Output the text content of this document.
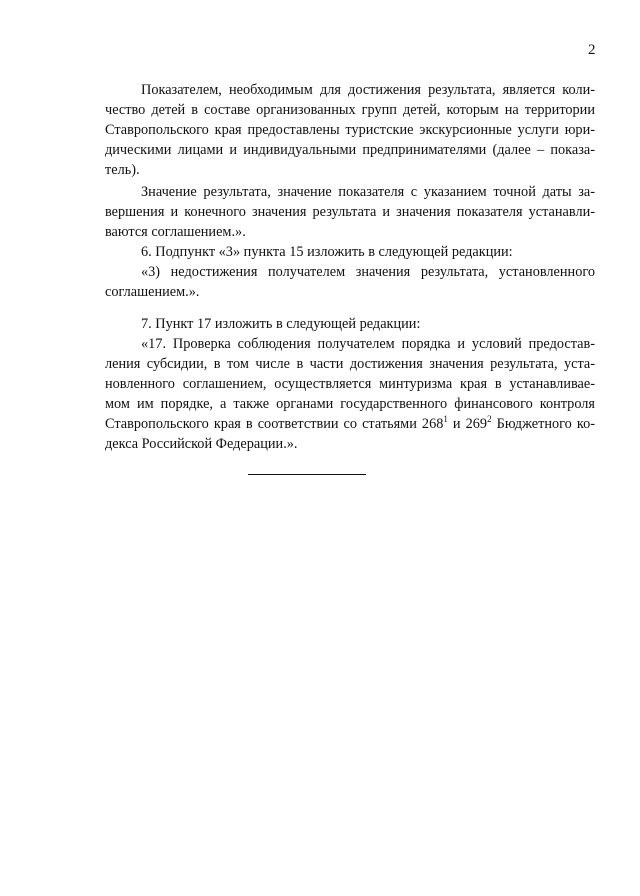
2
Показателем, необходимым для достижения результата, является коли-
чество детей в составе организованных групп детей, которым на территории
Ставропольского края предоставлены туристские экскурсионные услуги юри-
дическими лицами и индивидуальными предпринимателями (далее – показа-
тель).
Значение результата, значение показателя с указанием точной даты за-
вершения и конечного значения результата и значения показателя устанавли-
ваются соглашением.».
6. Подпункт «3» пункта 15 изложить в следующей редакции:
«3) недостижения получателем значения результата, установленного
соглашением.».
7. Пункт 17 изложить в следующей редакции:
«17. Проверка соблюдения получателем порядка и условий предостав-
ления субсидии, в том числе в части достижения значения результата, уста-
новленного соглашением, осуществляется минтуризма края в устанавливае-
мом им порядке, а также органами государственного финансового контроля
Ставропольского края в соответствии со статьями $268^1$ и $269^2$ Бюджетного ко-
декса Российской Федерации.».
